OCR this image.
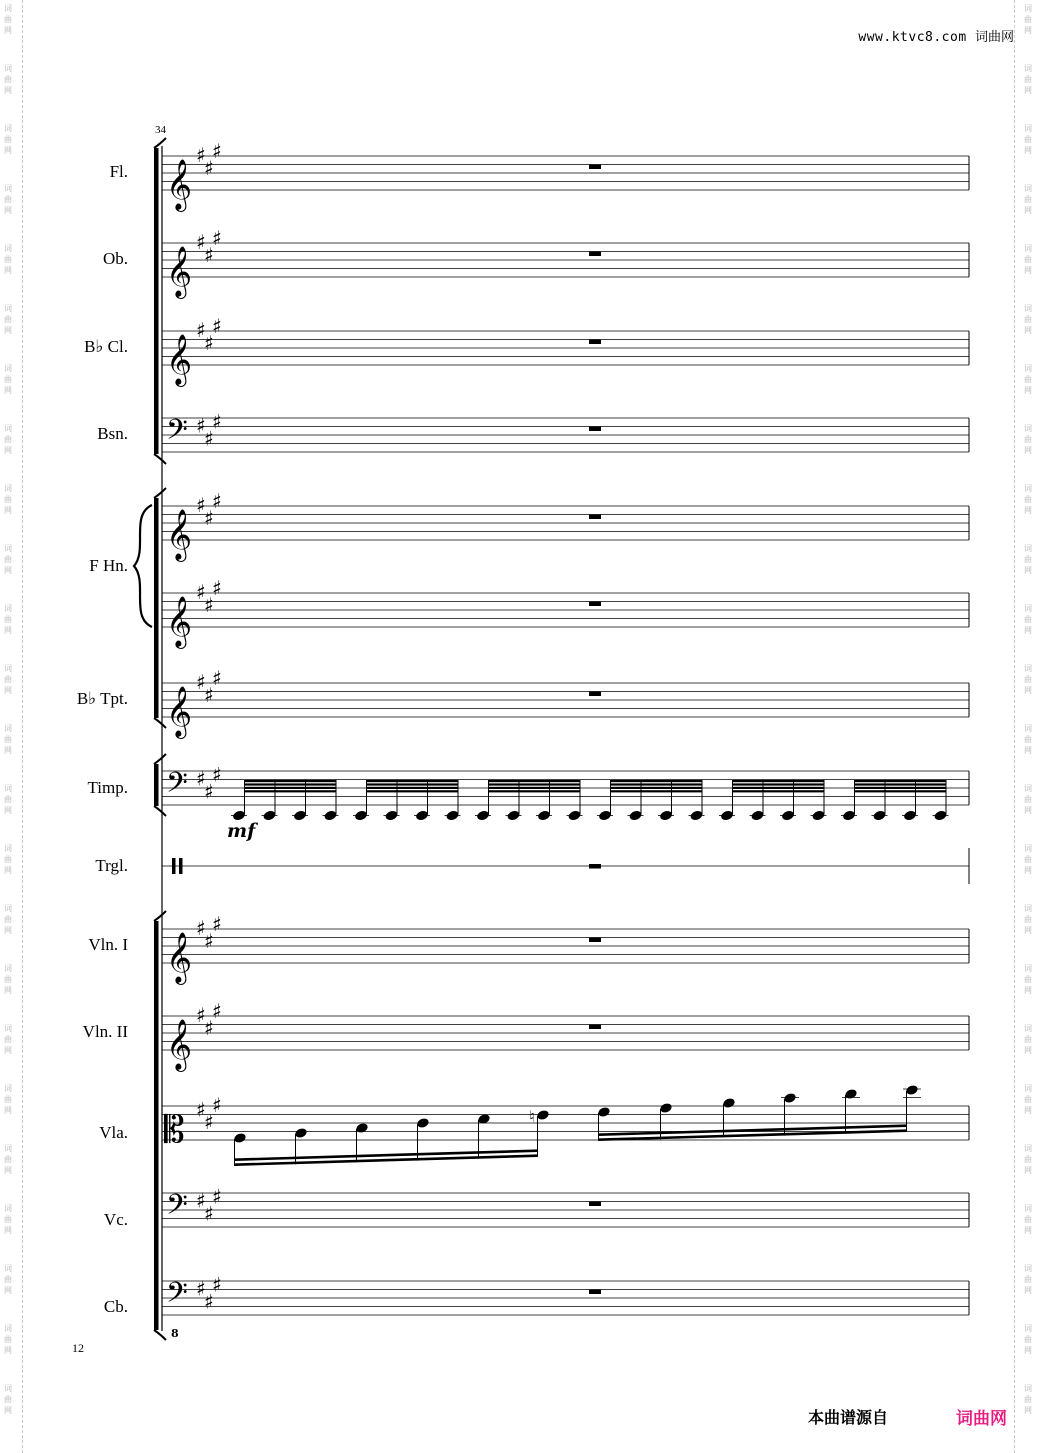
词
曲
网
词
曲
网
词
曲
网
词
曲
网
词
曲
网
词
曲
网
词
曲
网
词
曲
网
词
曲
网
词
曲
网
词
曲
网
词
曲
网
词
曲
网
词
曲
网
词
曲
网
词
曲
网
词
曲
网
词
曲
网
词
曲
网
词
曲
网
词
曲
网
词
曲
网
词
曲
网
词
曲
网
词
曲
网
词
曲
网
词
曲
网
词
曲
网
词
曲
网
词
曲
网
词
曲
网
词
曲
网
词
曲
网
词
曲
网
词
曲
网
词
曲
网
词
曲
网
词
曲
网
词
曲
网
词
曲
网
词
曲
网
词
曲
网
词
曲
网
词
曲
网
词
曲
网
词
曲
网
词
曲
网
词
曲
网
www.ktvc8.com 词曲网
34
𝄞
♯
♯
♯
𝄞
♯
♯
♯
𝄞
♯
♯
♯
𝄢 ♯
♯
♯
𝄞
♯
♯
♯
𝄞
♯
♯
♯
𝄞
♯
♯
♯
𝄞
♯
♯
♯
𝄞
♯
♯
♯
𝄡 ♯
♯
♯
𝄢 ♯
♯
♯
𝄢 ♯
♯
♯
𝄢 ♯
♯
♯
mf
♮
8
Fl.
Ob.
B♭ Cl.
Bsn.
F Hn.
B♭ Tpt.
Timp.
Trgl.
Vln. I
Vln. II
Vla.
Vc.
Cb.
12
本曲谱源自	词曲网
